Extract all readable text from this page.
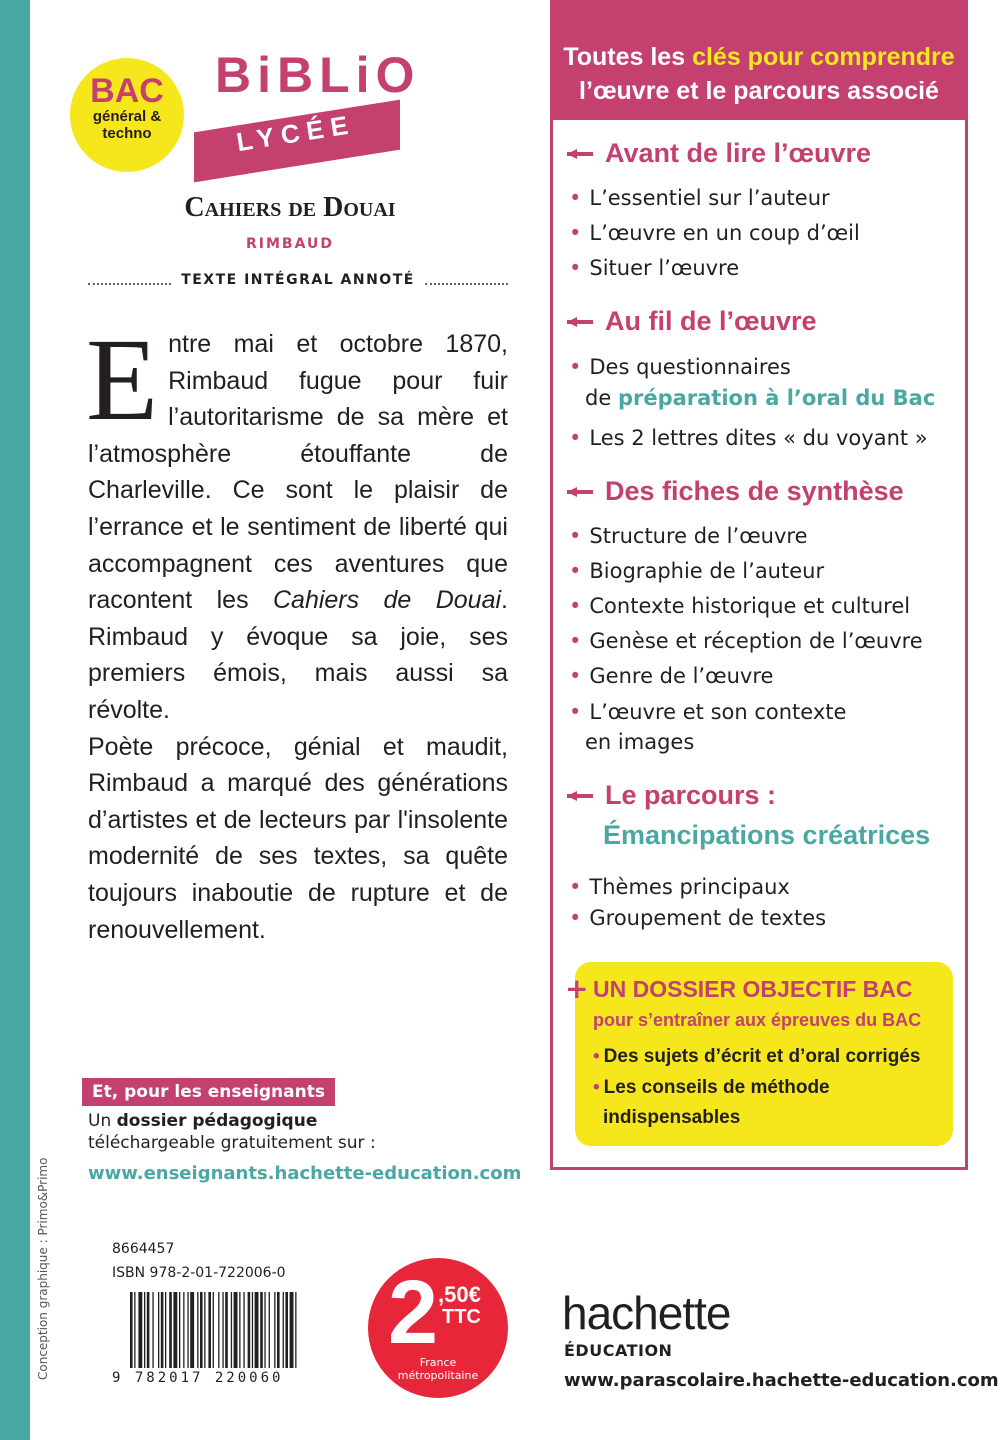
Conception graphique : Primo&Primo
BAC
général &
techno
BiBLiO
LYCÉE
Cahiers de Douai
RIMBAUD
TEXTE INTÉGRAL ANNOTÉ

Entre mai et octobre 1870, Rimbaud fugue pour fuir l’autoritarisme de sa mère et l’atmosphère étouffante de Charleville. Ce sont le plaisir de l’errance et le sentiment de liberté qui accompagnent ces aventures que racontent les Cahiers de Douai. Rimbaud y évoque sa joie, ses premiers émois, mais aussi sa révolte.

Poète précoce, génial et maudit, Rimbaud a marqué des générations d’artistes et de lecteurs par l'insolente modernité de ses textes, sa quête toujours inaboutie de rupture et de renouvellement.

Et, pour les enseignants
Un dossier pédagogique
téléchargeable gratuitement sur :
www.enseignants.hachette-education.com
8664457
ISBN 978-2-01-722006-0
9 782017 220060
2 ,50€
TTC
France
métropolitaine
hachette
ÉDUCATION
www.parascolaire.hachette-education.com
Toutes les clés pour comprendre
l’œuvre et le parcours associé
Avant de lire l’œuvre
• L’essentiel sur l’auteur
• L’œuvre en un coup d’œil
• Situer l’œuvre
Au fil de l’œuvre
• Des questionnaires
de préparation à l’oral du Bac
• Les 2 lettres dites « du voyant »
Des fiches de synthèse
• Structure de l’œuvre
• Biographie de l’auteur
• Contexte historique et culturel
• Genèse et réception de l’œuvre
• Genre de l’œuvre
• L’œuvre et son contexte
en images
Le parcours :
Émancipations créatrices
• Thèmes principaux
• Groupement de textes
UN DOSSIER OBJECTIF BAC
pour s’entraîner aux épreuves du BAC
• Des sujets d’écrit et d’oral corrigés
• Les conseils de méthode
indispensables
+
